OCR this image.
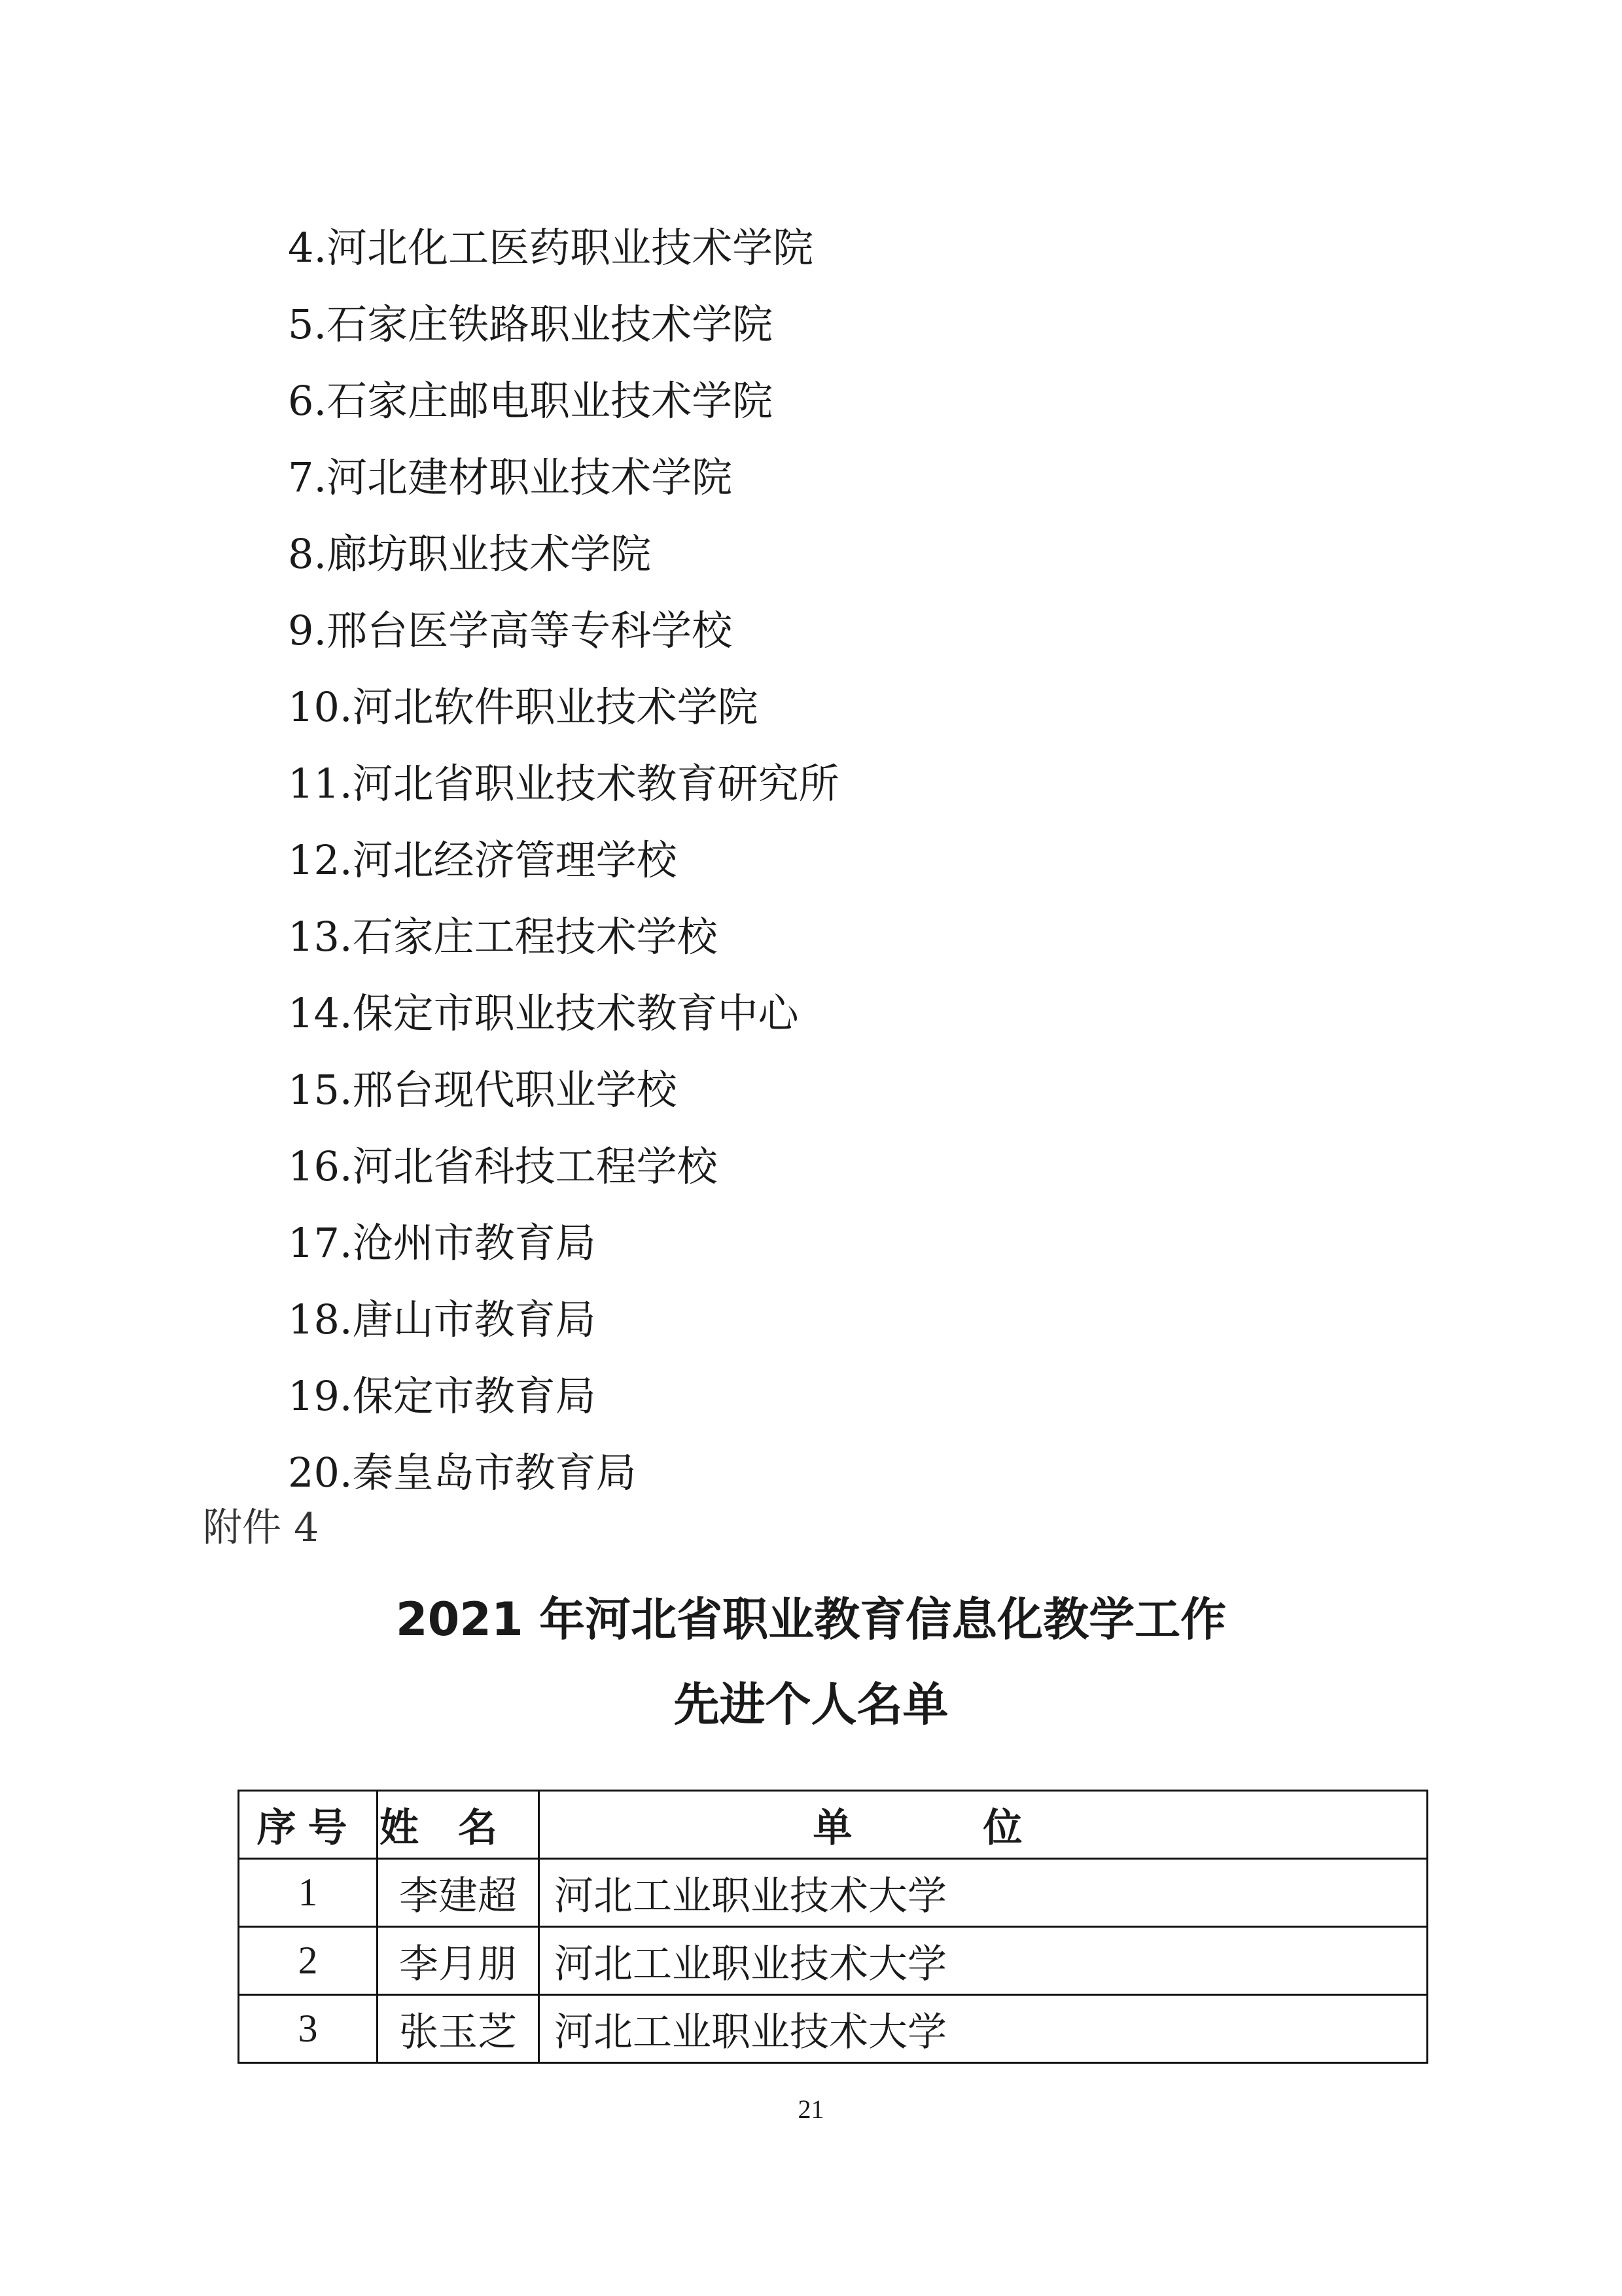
4.河北化工医药职业技术学院
5.石家庄铁路职业技术学院
6.石家庄邮电职业技术学院
7.河北建材职业技术学院
8.廊坊职业技术学院
9.邢台医学高等专科学校
10.河北软件职业技术学院
11.河北省职业技术教育研究所
12.河北经济管理学校
13.石家庄工程技术学校
14.保定市职业技术教育中心
15.邢台现代职业学校
16.河北省科技工程学校
17.沧州市教育局
18.唐山市教育局
19.保定市教育局
20.秦皇岛市教育局
附件 4
2021 年河北省职业教育信息化教学工作
先进个人名单
序号	姓名	单位
1	李建超	河北工业职业技术大学
2	李月朋	河北工业职业技术大学
3	张玉芝	河北工业职业技术大学
21
